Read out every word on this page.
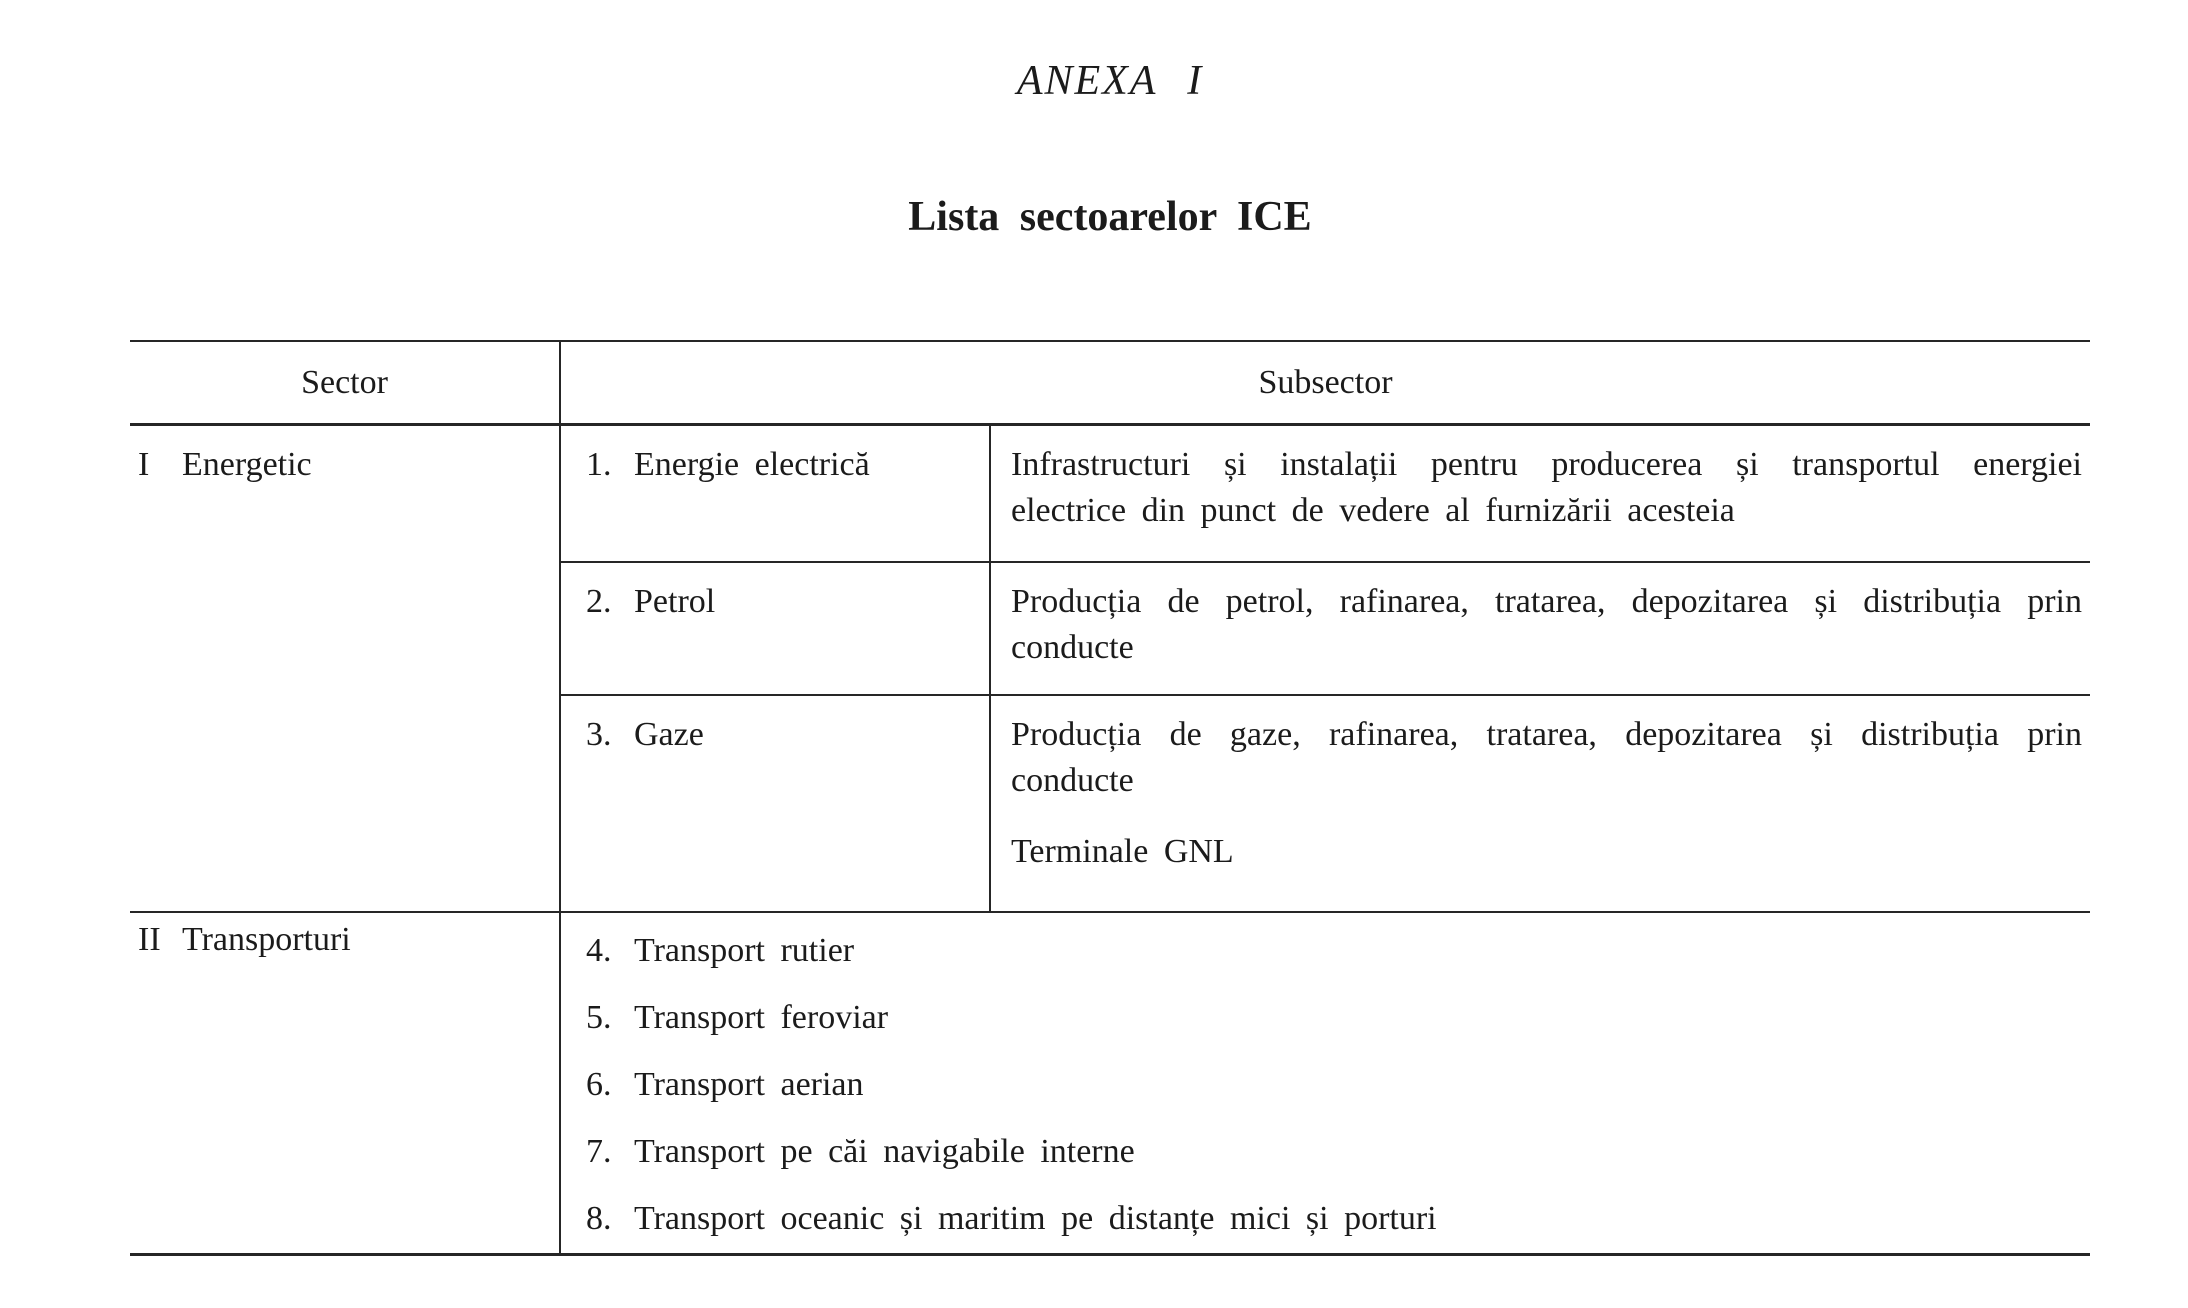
ANEXA I
Lista sectoarelor ICE
Sector	Subsector	
I Energetic	1. Energie electrică	Infrastructuri și instalații pentru producerea și transportul energiei electrice din punct de vedere al furnizării acesteia

	2. Petrol	Producția de petrol, rafinarea, tratarea, depozitarea și distribuția prin conducte

	3. Gaze	Producția de gaze, rafinarea, tratarea, depozitarea și distribuția prin conducte

Terminale GNL

II Transporturi	4. Transport rutier
5. Transport feroviar
6. Transport aerian
7. Transport pe căi navigabile interne
8. Transport oceanic și maritim pe distanțe mici și porturi	
